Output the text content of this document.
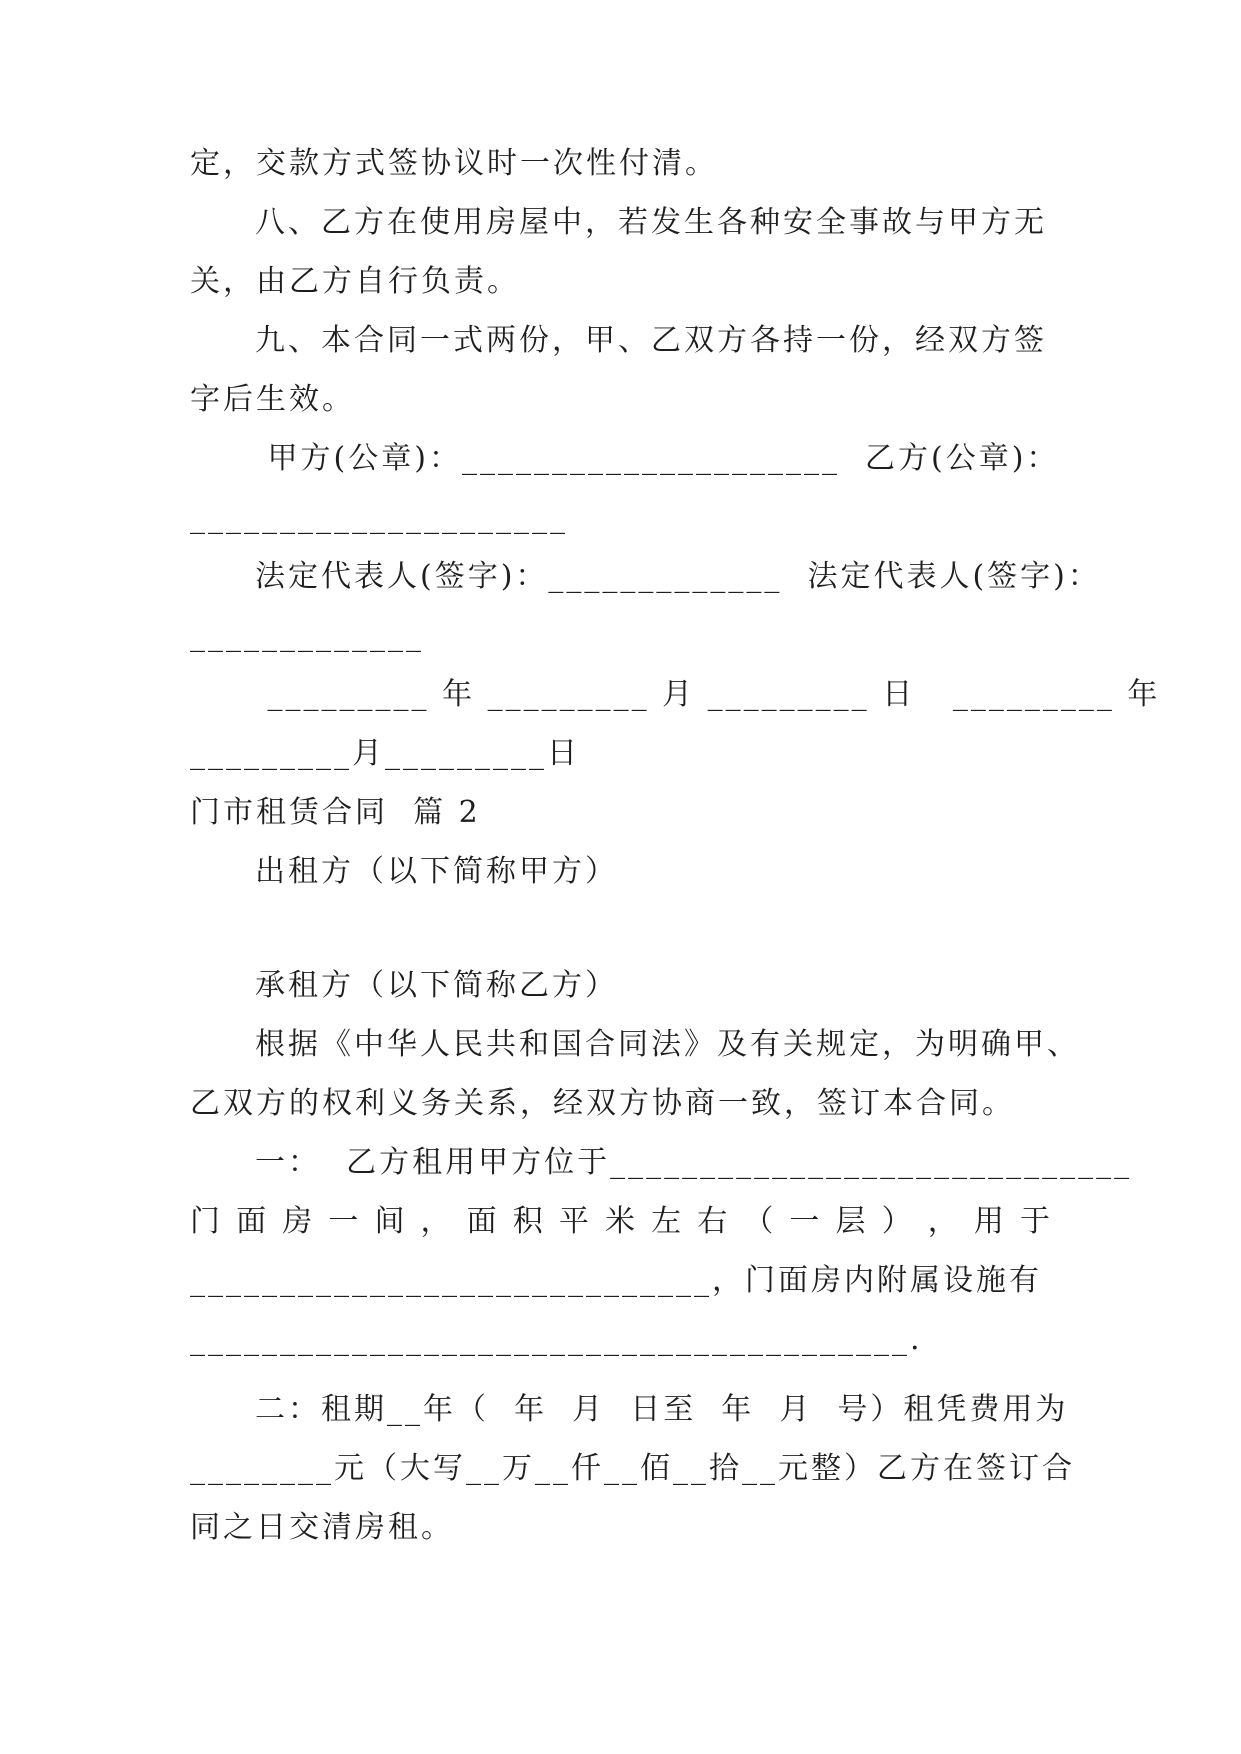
定，交款方式签协议时一次性付清。
八、乙方在使用房屋中，若发生各种安全事故与甲方无
关，由乙方自行负责。
九、本合同一式两份，甲、乙双方各持一份，经双方签
字后生效。
甲方(公章)：_____________________  乙方(公章)：
_____________________
法定代表人(签字)：_____________  法定代表人(签字)：
_____________
_________ 年 _________ 月 _________ 日   _________ 年
_________月_________日
门市租赁合同  篇 2
出租方（以下简称甲方）
承租方（以下简称乙方）
根据《中华人民共和国合同法》及有关规定，为明确甲、
乙双方的权利义务关系，经双方协商一致，签订本合同。
一：  乙方租用甲方位于_____________________________
门 面 房 一 间 ， 面 积 平 米 左 右 （ 一 层 ） ， 用 于
_____________________________，门面房内附属设施有
________________________________________.
二：租期__年（  年  月  日至  年  月  号）租凭费用为
________元（大写__万__仟__佰__拾__元整）乙方在签订合
同之日交清房租。
